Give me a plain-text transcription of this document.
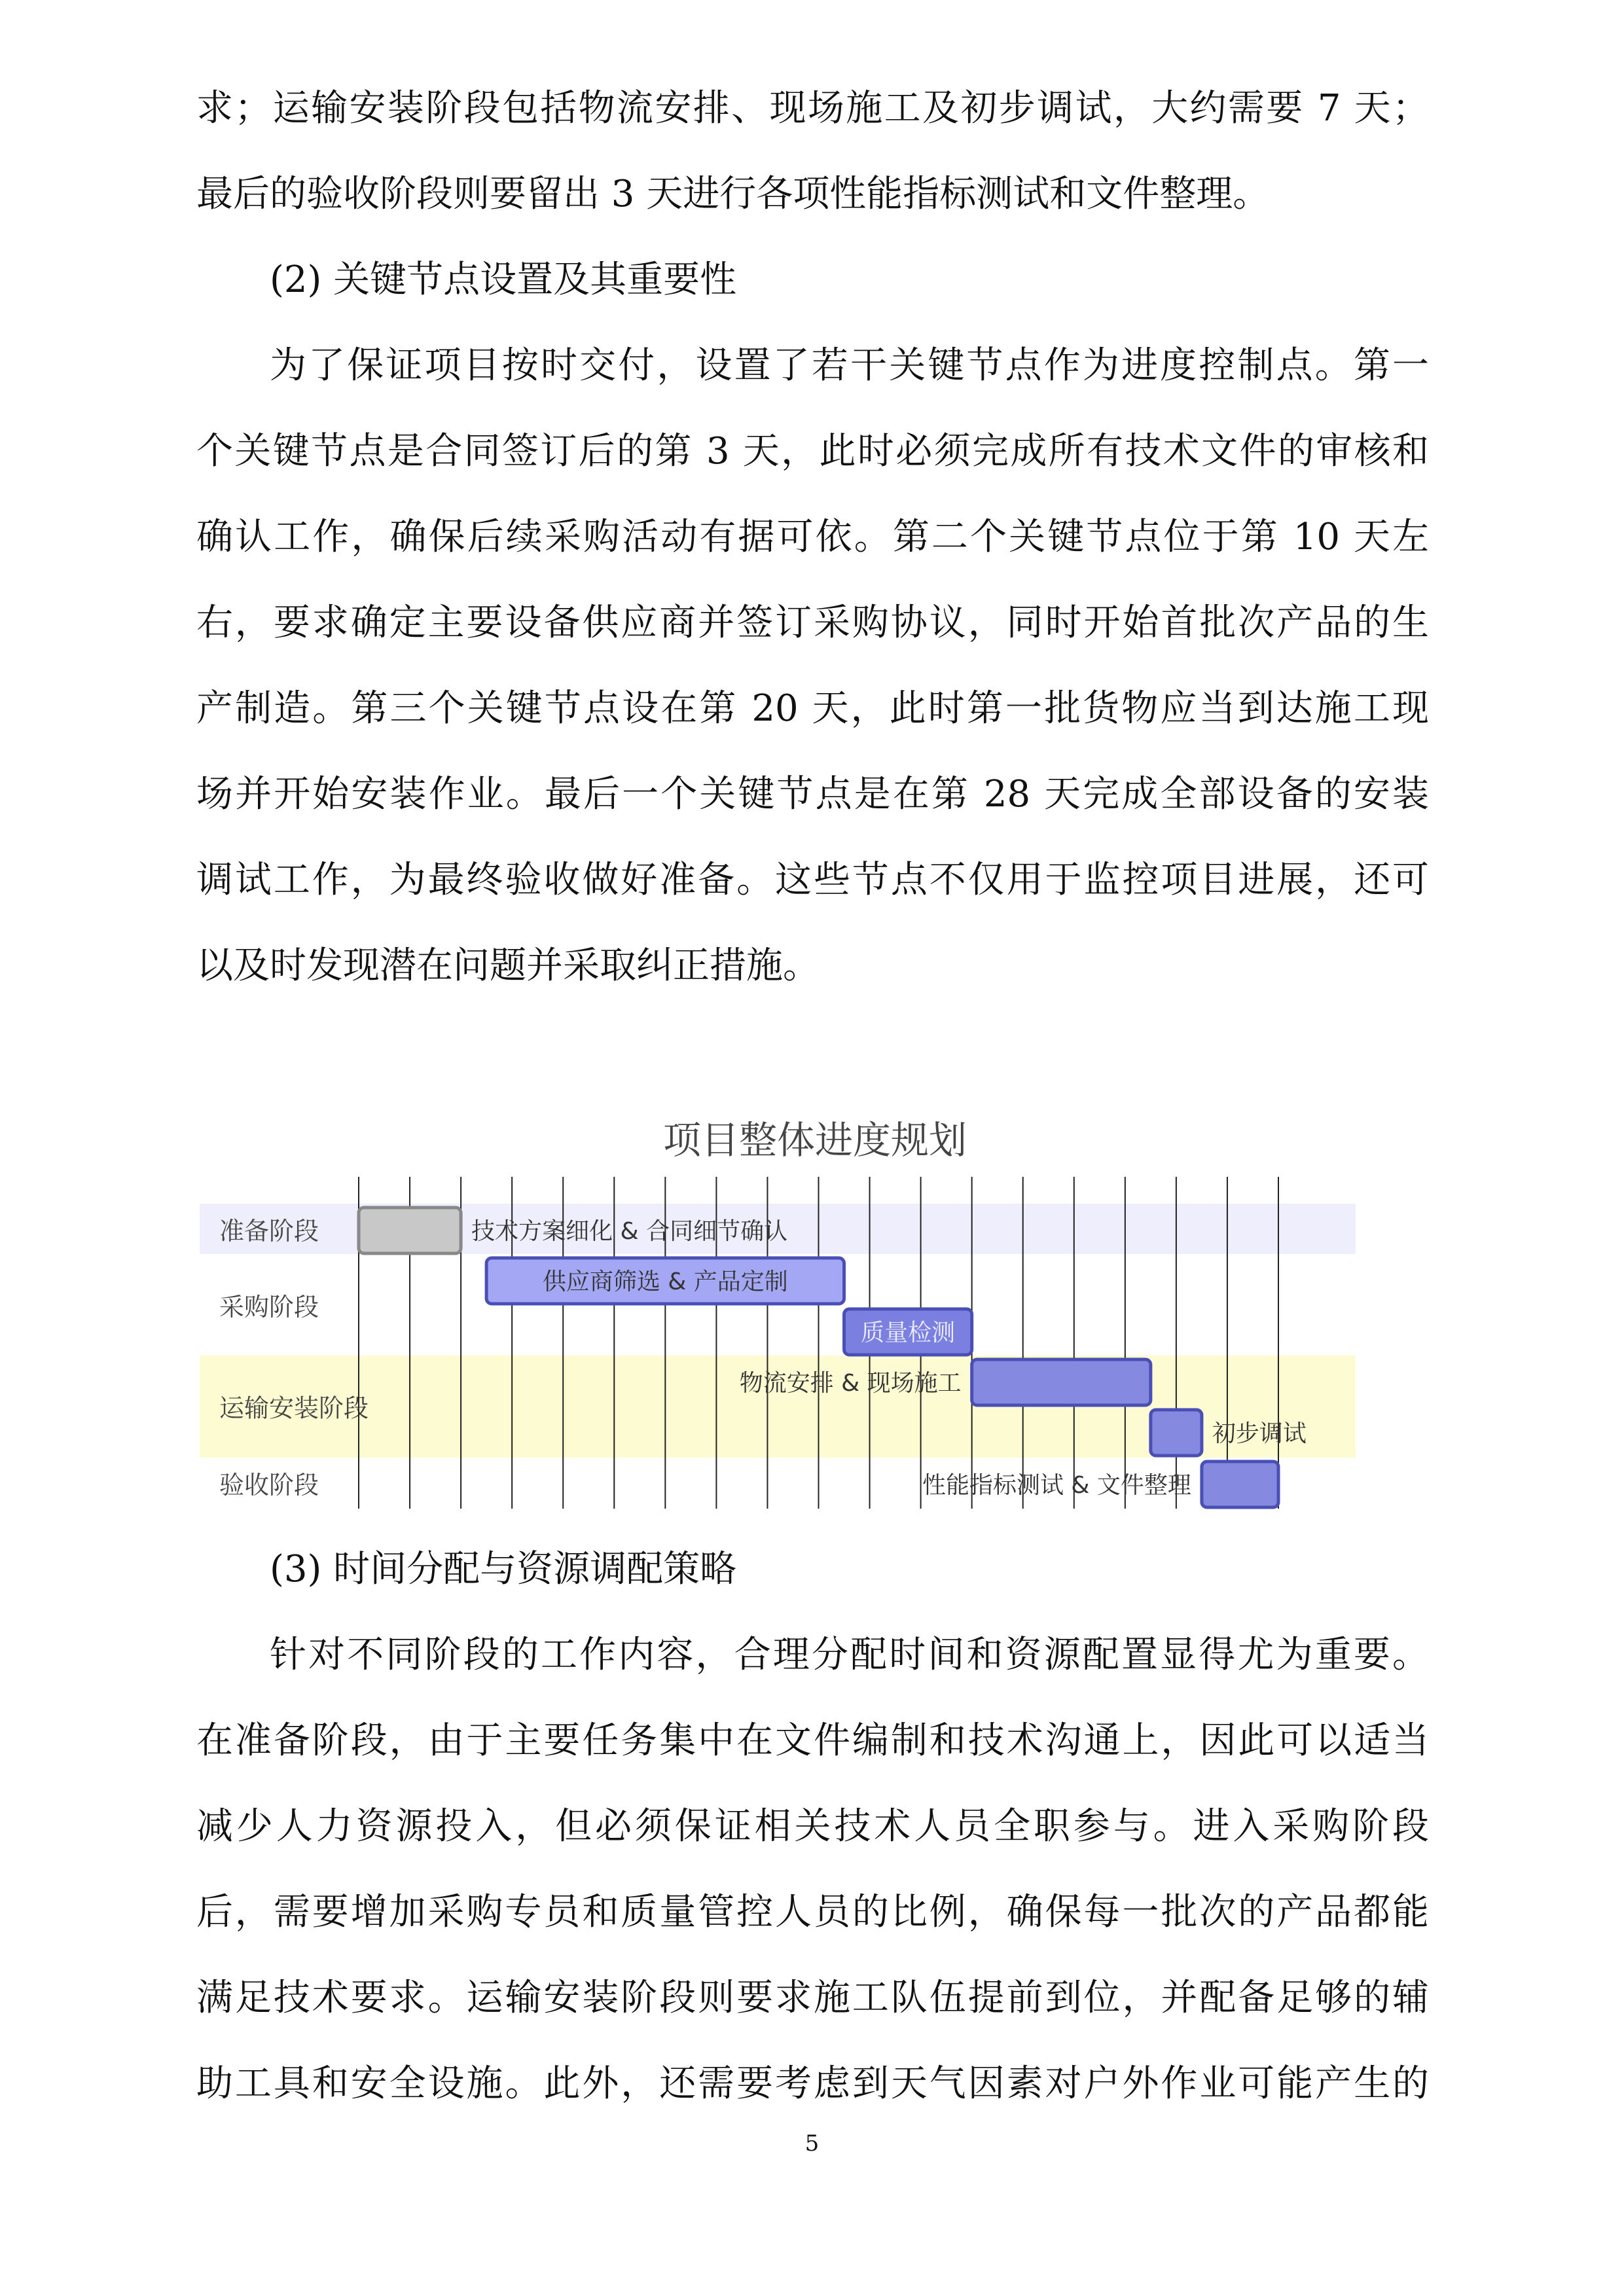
求；运输安装阶段包括物流安排、现场施工及初步调试，大约需要 7 天；
最后的验收阶段则要留出 3 天进行各项性能指标测试和文件整理。
(2) 关键节点设置及其重要性
为了保证项目按时交付，设置了若干关键节点作为进度控制点。第一
个关键节点是合同签订后的第 3 天，此时必须完成所有技术文件的审核和
确认工作，确保后续采购活动有据可依。第二个关键节点位于第 10 天左
右，要求确定主要设备供应商并签订采购协议，同时开始首批次产品的生
产制造。第三个关键节点设在第 20 天，此时第一批货物应当到达施工现
场并开始安装作业。最后一个关键节点是在第 28 天完成全部设备的安装
调试工作，为最终验收做好准备。这些节点不仅用于监控项目进展，还可
以及时发现潜在问题并采取纠正措施。
项目整体进度规划
准备阶段
采购阶段
运输安装阶段
验收阶段
技术方案细化 & 合同细节确认
供应商筛选 & 产品定制
质量检测
物流安排 & 现场施工
初步调试
性能指标测试 & 文件整理
(3) 时间分配与资源调配策略
针对不同阶段的工作内容，合理分配时间和资源配置显得尤为重要。
在准备阶段，由于主要任务集中在文件编制和技术沟通上，因此可以适当
减少人力资源投入，但必须保证相关技术人员全职参与。进入采购阶段
后，需要增加采购专员和质量管控人员的比例，确保每一批次的产品都能
满足技术要求。运输安装阶段则要求施工队伍提前到位，并配备足够的辅
助工具和安全设施。此外，还需要考虑到天气因素对户外作业可能产生的
5
